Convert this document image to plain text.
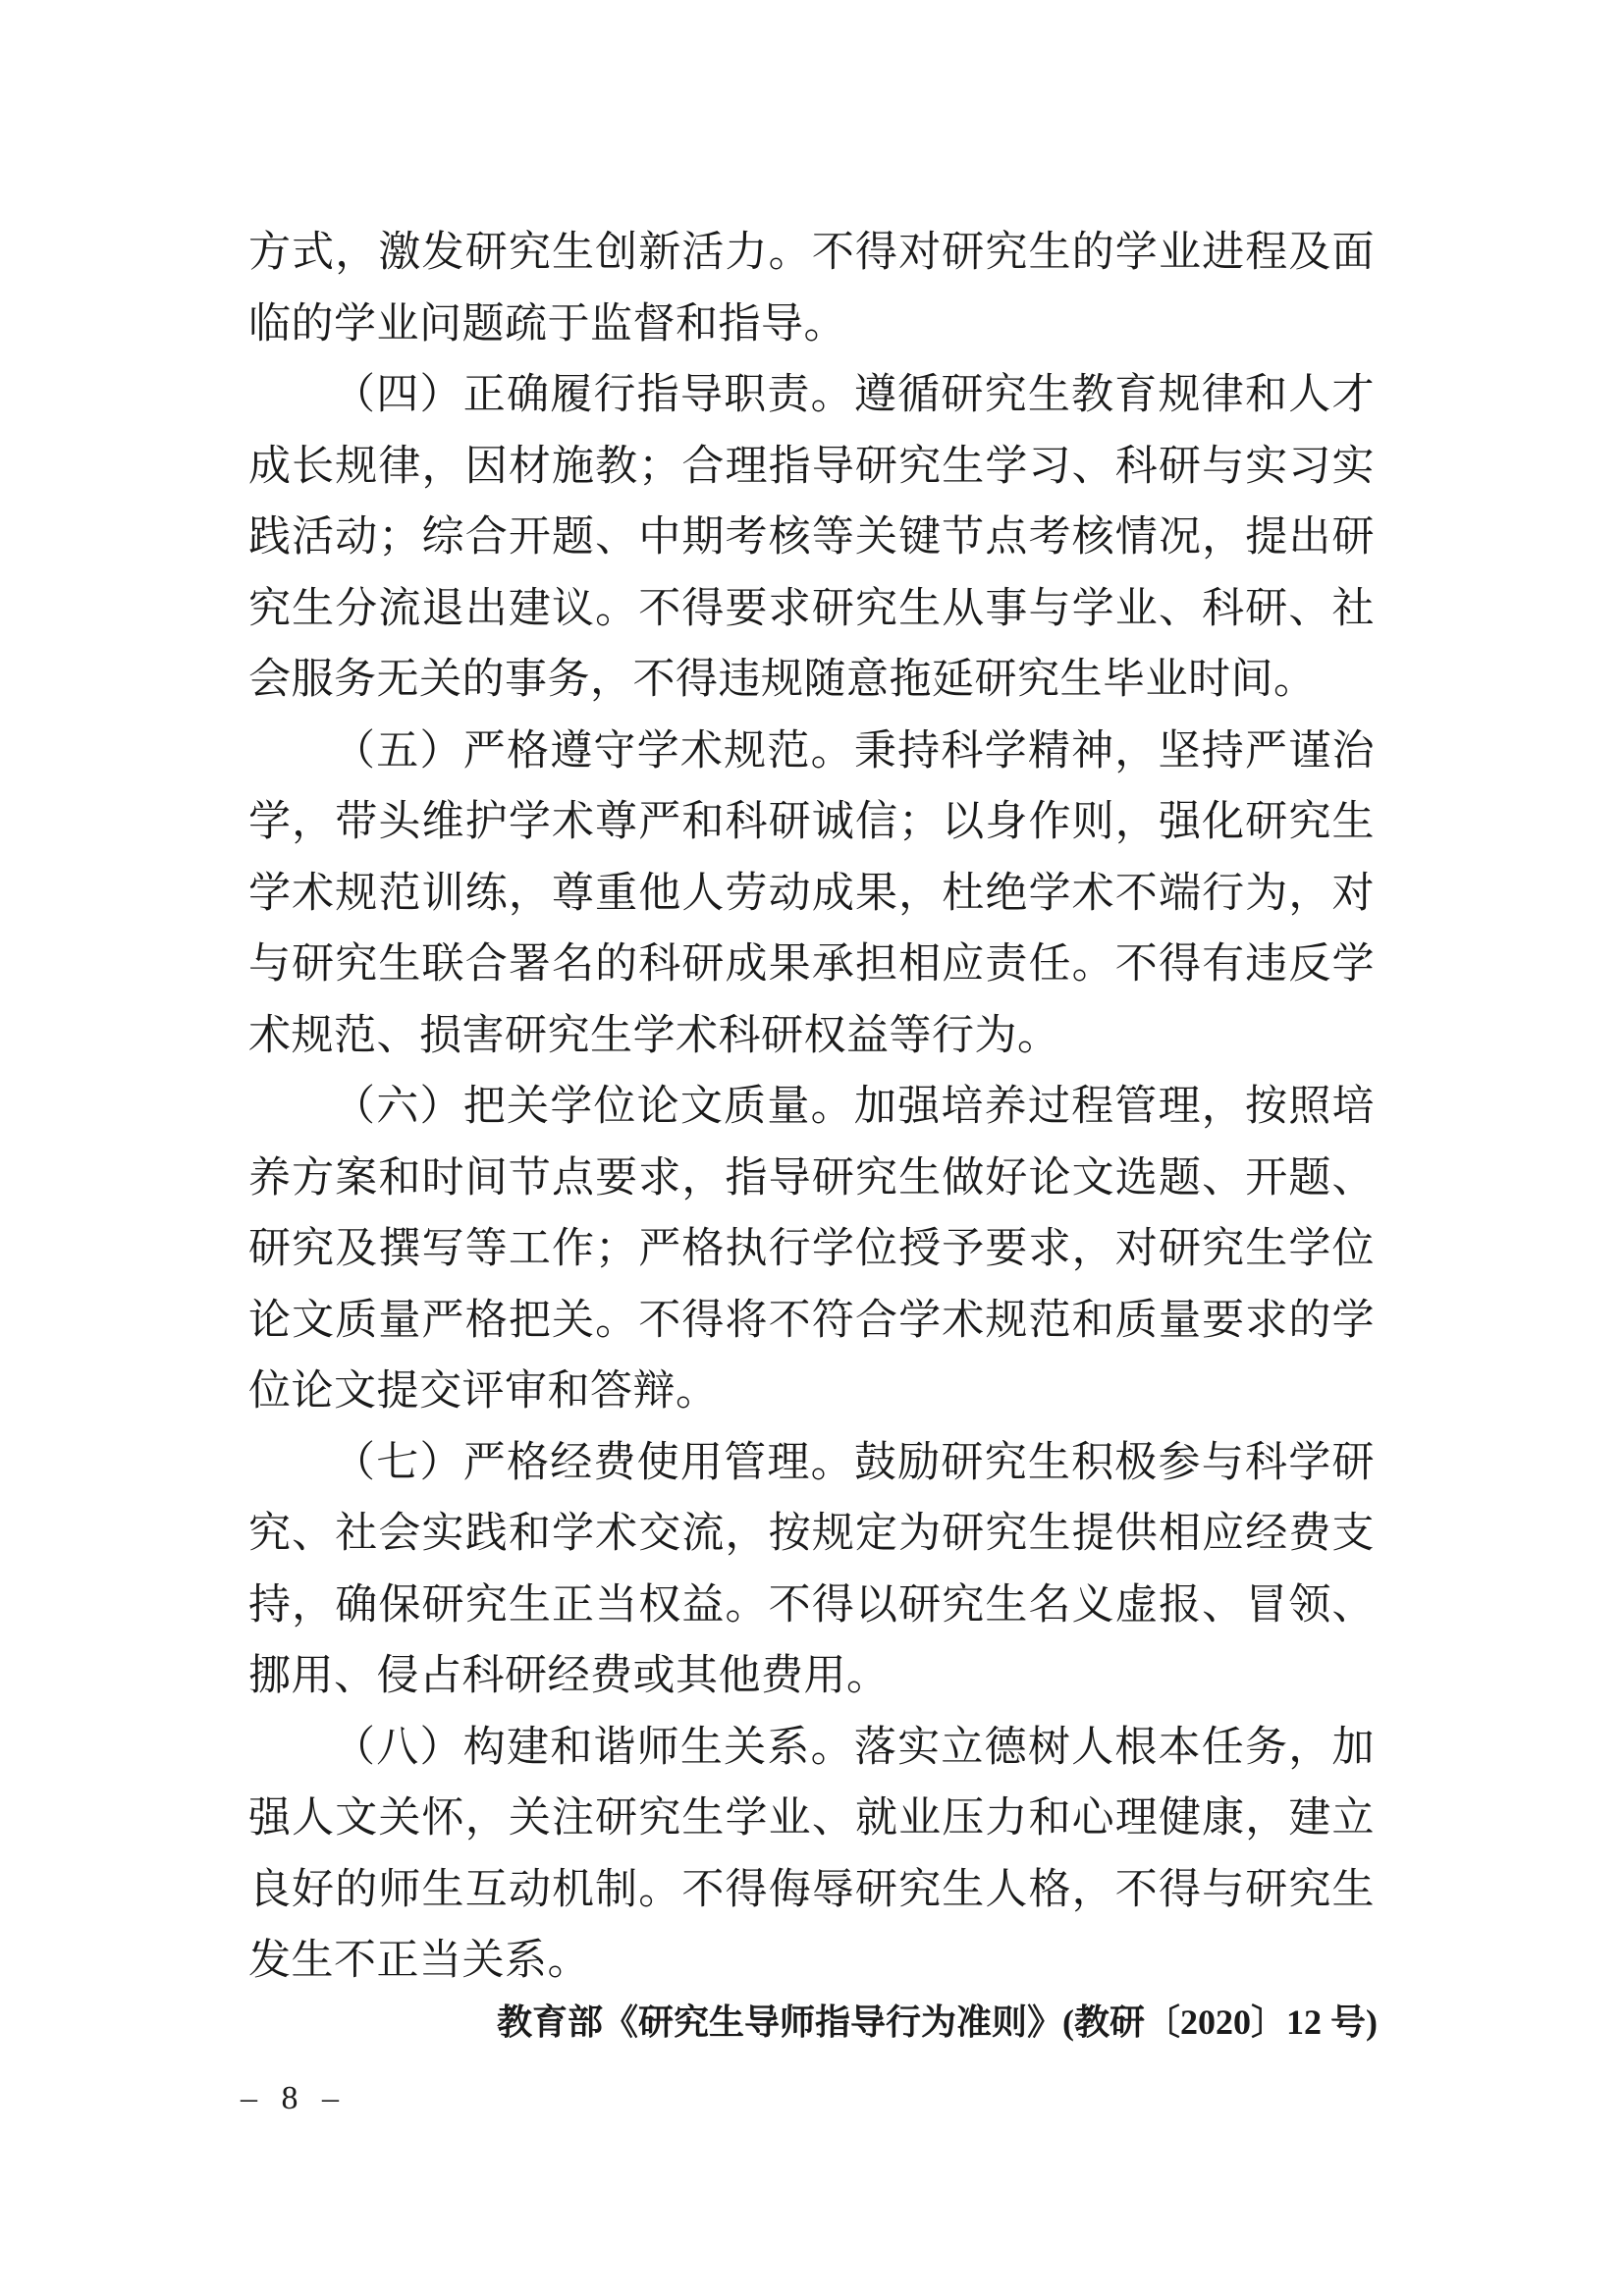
方式，激发研究生创新活力。不得对研究生的学业进程及面
临的学业问题疏于监督和指导。
（四）正确履行指导职责。遵循研究生教育规律和人才
成长规律，因材施教；合理指导研究生学习、科研与实习实
践活动；综合开题、中期考核等关键节点考核情况，提出研
究生分流退出建议。不得要求研究生从事与学业、科研、社
会服务无关的事务，不得违规随意拖延研究生毕业时间。
（五）严格遵守学术规范。秉持科学精神，坚持严谨治
学，带头维护学术尊严和科研诚信；以身作则，强化研究生
学术规范训练，尊重他人劳动成果，杜绝学术不端行为，对
与研究生联合署名的科研成果承担相应责任。不得有违反学
术规范、损害研究生学术科研权益等行为。
（六）把关学位论文质量。加强培养过程管理，按照培
养方案和时间节点要求，指导研究生做好论文选题、开题、
研究及撰写等工作；严格执行学位授予要求，对研究生学位
论文质量严格把关。不得将不符合学术规范和质量要求的学
位论文提交评审和答辩。
（七）严格经费使用管理。鼓励研究生积极参与科学研
究、社会实践和学术交流，按规定为研究生提供相应经费支
持，确保研究生正当权益。不得以研究生名义虚报、冒领、
挪用、侵占科研经费或其他费用。
（八）构建和谐师生关系。落实立德树人根本任务，加
强人文关怀，关注研究生学业、就业压力和心理健康，建立
良好的师生互动机制。不得侮辱研究生人格，不得与研究生
发生不正当关系。
教育部《研究生导师指导行为准则》(教研〔2020〕12 号)
– 8 –
